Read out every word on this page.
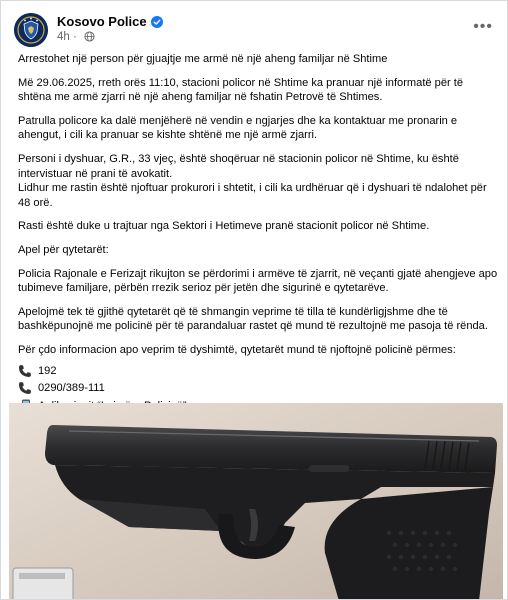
Kosovo Police
4h ·
•••

Arrestohet një person për gjuajtje me armë në një aheng familjar në Shtime

Më 29.06.2025, rreth orës 11:10, stacioni policor në Shtime ka pranuar një informatë për të shtëna me armë zjarri në një aheng familjar në fshatin Petrovë të Shtimes.

Patrulla policore ka dalë menjëherë në vendin e ngjarjes dhe ka kontaktuar me pronarin e ahengut, i cili ka pranuar se kishte shtënë me një armë zjarri.

Personi i dyshuar, G.R., 33 vjeç, është shoqëruar në stacionin policor në Shtime, ku është intervistuar në prani të avokatit.

Lidhur me rastin është njoftuar prokurori i shtetit, i cili ka urdhëruar që i dyshuari të ndalohet për 48 orë.

Rasti është duke u trajtuar nga Sektori i Hetimeve pranë stacionit policor në Shtime.

Apel për qytetarët:

Policia Rajonale e Ferizajt rikujton se përdorimi i armëve të zjarrit, në veçanti gjatë ahengjeve apo tubimeve familjare, përbën rrezik serioz për jetën dhe sigurinë e qytetarëve.

Apelojmë tek të gjithë qytetarët që të shmangin veprime të tilla të kundërligjshme dhe të bashkëpunojnë me policinë për të parandaluar rastet që mund të rezultojnë me pasoja të rënda.

Për çdo informacion apo veprim të dyshimtë, qytetarët mund të njoftojnë policinë përmes:

192
0290/389-111
